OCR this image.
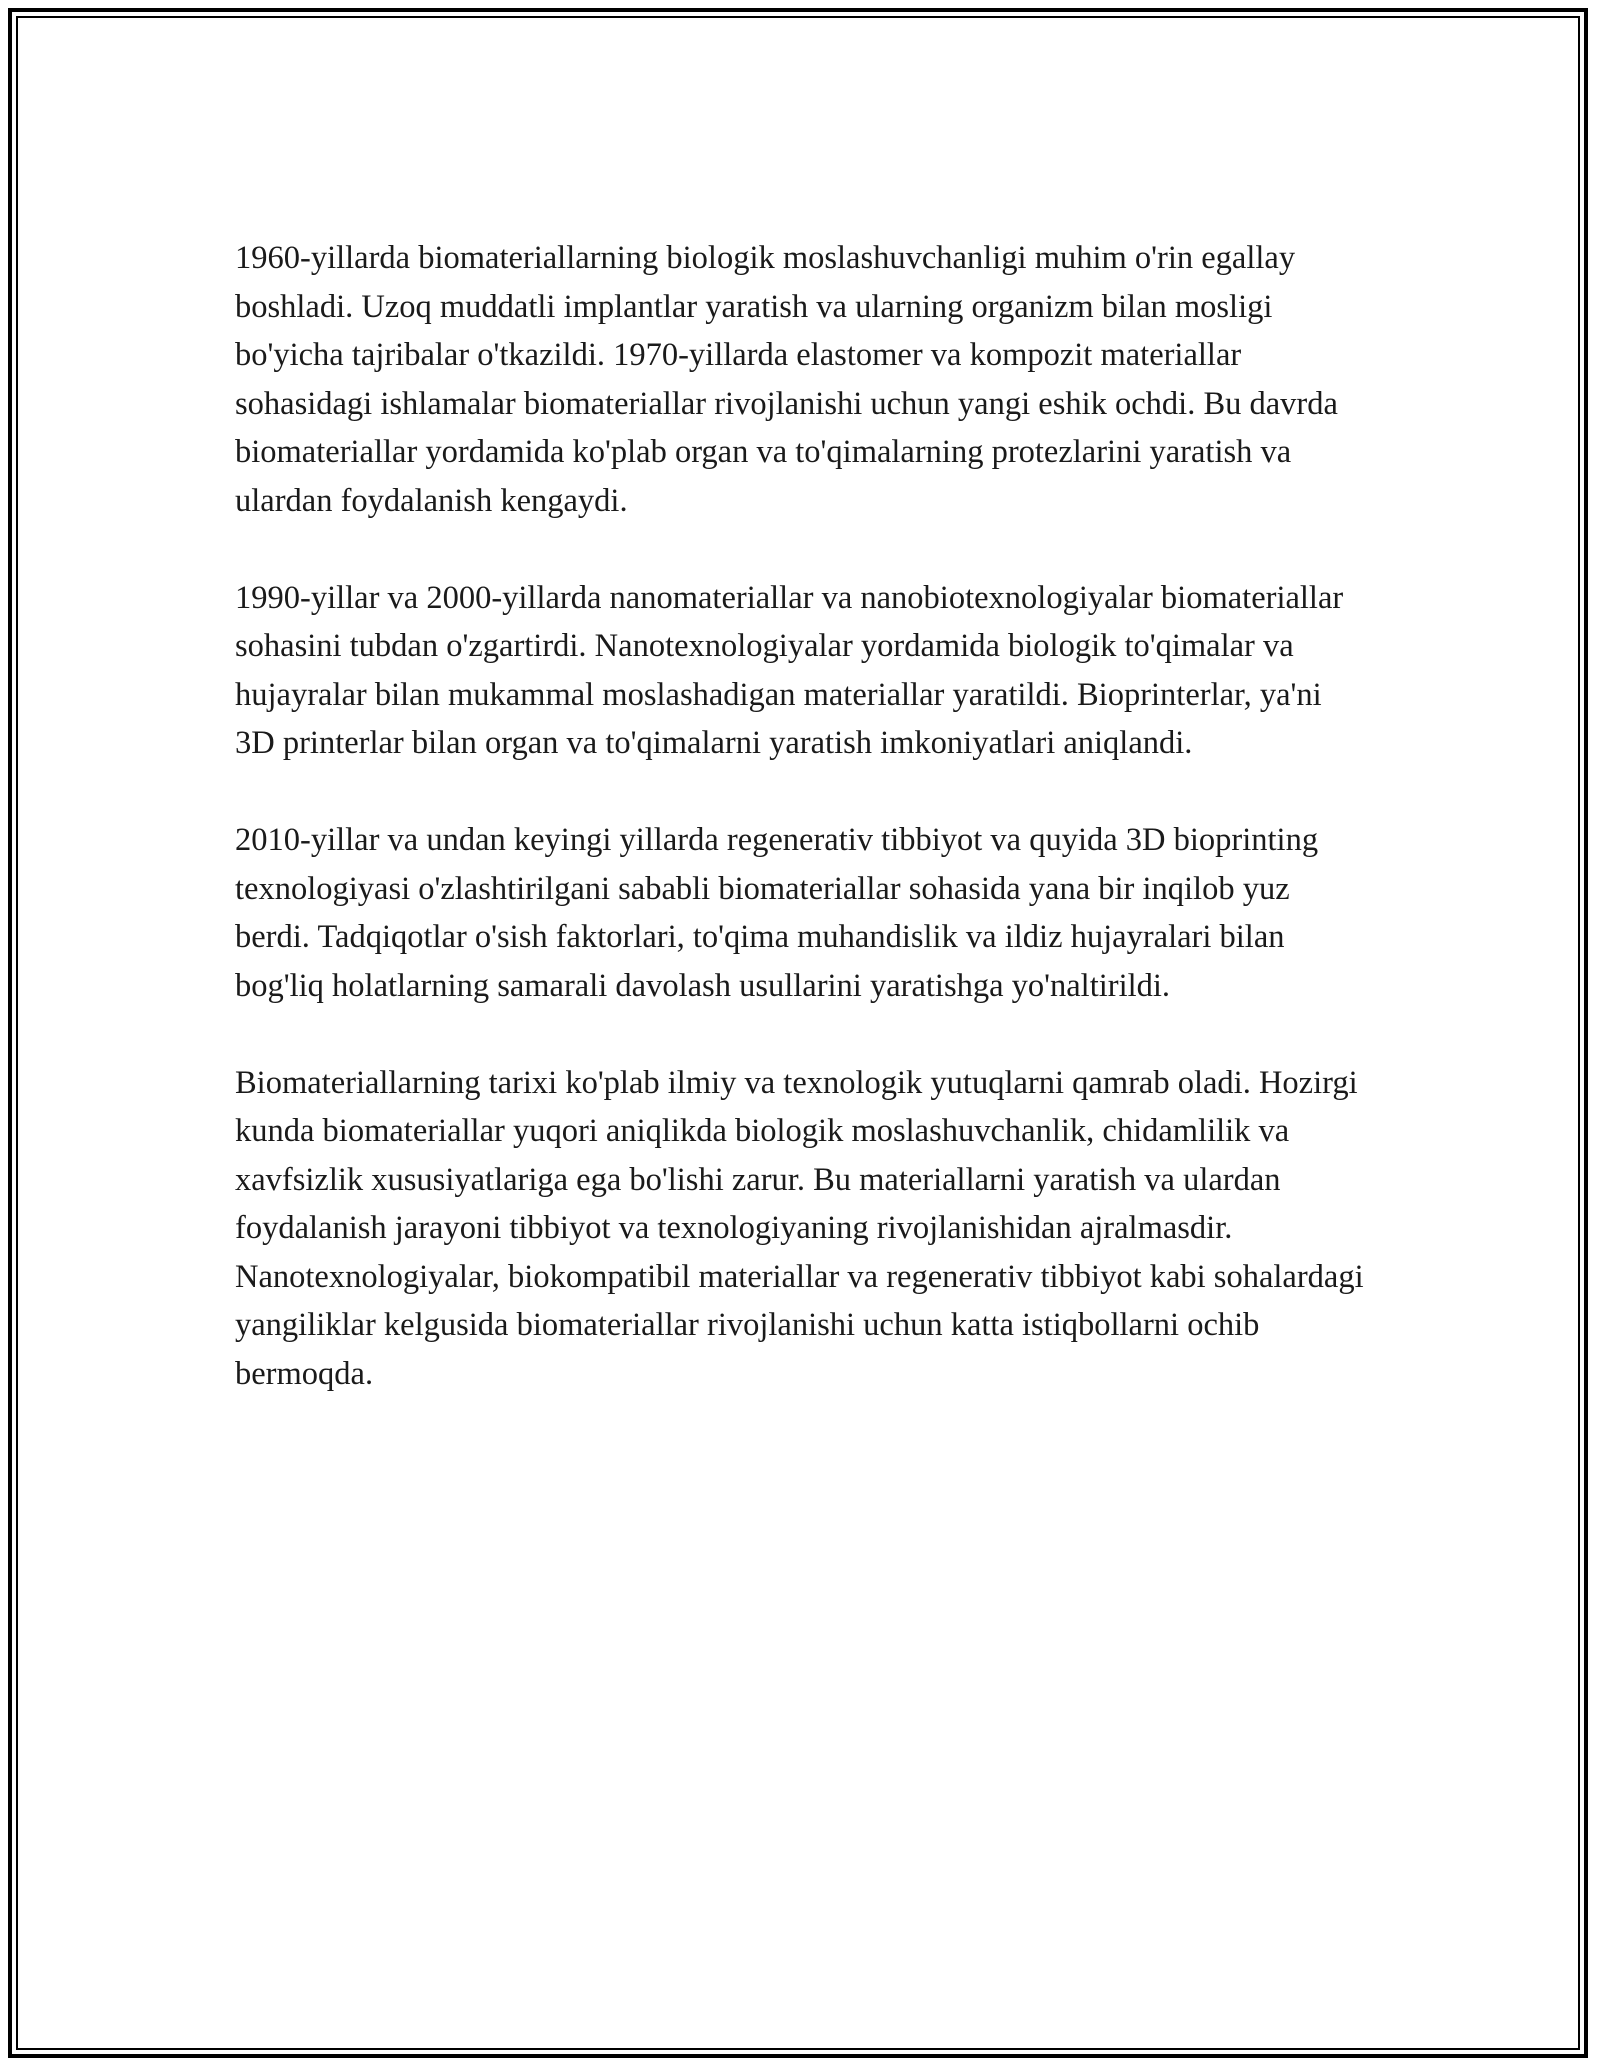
1960-yillarda biomateriallarning biologik moslashuvchanligi muhim o'rin egallay boshladi. Uzoq muddatli implantlar yaratish va ularning organizm bilan mosligi bo'yicha tajribalar o'tkazildi. 1970-yillarda elastomer va kompozit materiallar sohasidagi ishlamalar biomateriallar rivojlanishi uchun yangi eshik ochdi. Bu davrda biomateriallar yordamida ko'plab organ va to'qimalarning protezlarini yaratish va ulardan foydalanish kengaydi.

1990-yillar va 2000-yillarda nanomateriallar va nanobiotexnologiyalar biomateriallar sohasini tubdan o'zgartirdi. Nanotexnologiyalar yordamida biologik to'qimalar va hujayralar bilan mukammal moslashadigan materiallar yaratildi. Bioprinterlar, ya'ni 3D printerlar bilan organ va to'qimalarni yaratish imkoniyatlari aniqlandi.

2010-yillar va undan keyingi yillarda regenerativ tibbiyot va quyida 3D bioprinting texnologiyasi o'zlashtirilgani sababli biomateriallar sohasida yana bir inqilob yuz berdi. Tadqiqotlar o'sish faktorlari, to'qima muhandislik va ildiz hujayralari bilan bog'liq holatlarning samarali davolash usullarini yaratishga yo'naltirildi.

Biomateriallarning tarixi ko'plab ilmiy va texnologik yutuqlarni qamrab oladi. Hozirgi kunda biomateriallar yuqori aniqlikda biologik moslashuvchanlik, chidamlilik va xavfsizlik xususiyatlariga ega bo'lishi zarur. Bu materiallarni yaratish va ulardan foydalanish jarayoni tibbiyot va texnologiyaning rivojlanishidan ajralmasdir. Nanotexnologiyalar, biokompatibil materiallar va regenerativ tibbiyot kabi sohalardagi yangiliklar kelgusida biomateriallar rivojlanishi uchun katta istiqbollarni ochib bermoqda.
